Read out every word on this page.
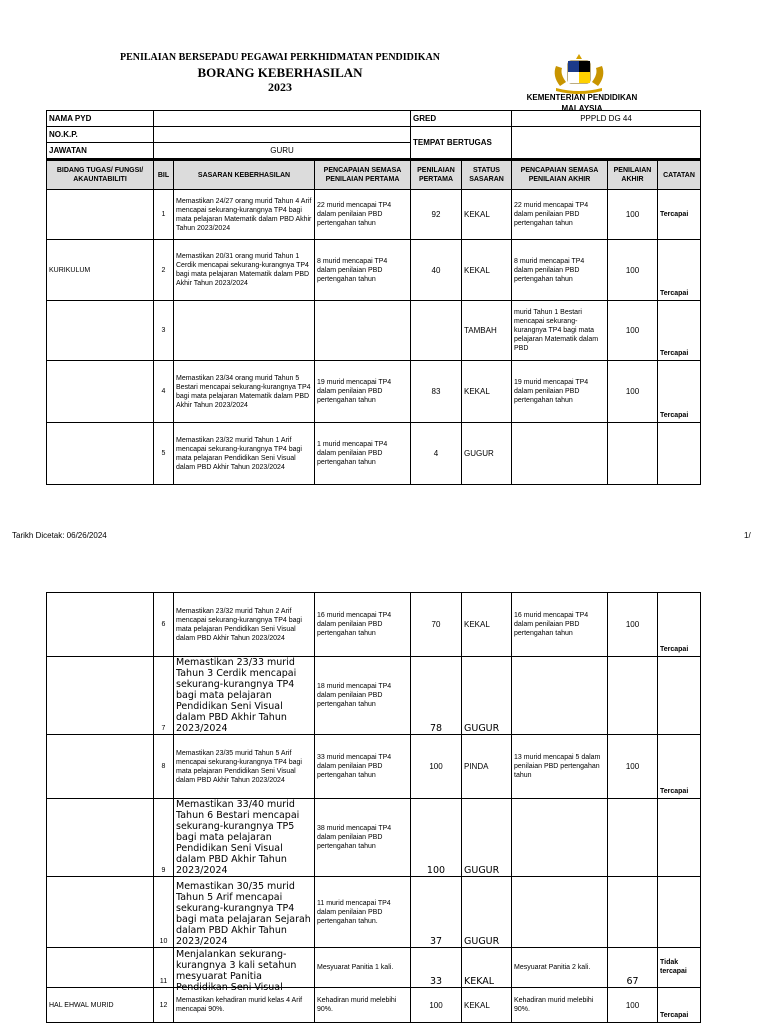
PENILAIAN BERSEPADU PEGAWAI PERKHIDMATAN PENDIDIKAN
BORANG KEBERHASILAN
2023
KEMENTERIAN PENDIDIKAN MALAYSIA
NAMA PYD		GRED	PPPLD DG 44
NO.K.P.		TEMPAT BERTUGAS	
JAWATAN	GURU		
BIDANG TUGAS/ FUNGSI/ AKAUNTABILITI	BIL	SASARAN KEBERHASILAN	PENCAPAIAN SEMASA PENILAIAN PERTAMA	PENILAIAN PERTAMA	STATUS SASARAN	PENCAPAIAN SEMASA PENILAIAN AKHIR	PENILAIAN AKHIR	CATATAN
	1	Memastikan 24/27 orang murid Tahun 4 Arif mencapai sekurang-kurangnya TP4 bagi mata pelajaran Matematik dalam PBD Akhir Tahun 2023/2024	22 murid mencapai TP4 dalam penilaian PBD pertengahan tahun	92	KEKAL	22 murid mencapai TP4 dalam penilaian PBD pertengahan tahun	100	Tercapai
KURIKULUM	2	Memastikan 20/31 orang murid Tahun 1 Cerdik mencapai sekurang-kurangnya TP4 bagi mata pelajaran Matematik dalam PBD Akhir Tahun 2023/2024	8 murid mencapai TP4 dalam penilaian PBD pertengahan tahun	40	KEKAL	8 murid mencapai TP4 dalam penilaian PBD pertengahan tahun	100	Tercapai
	3				TAMBAH	murid Tahun 1 Bestari mencapai sekurang-kurangnya TP4 bagi mata pelajaran Matematik dalam PBD	100	Tercapai
	4	Memastikan 23/34 orang murid Tahun 5 Bestari mencapai sekurang-kurangnya TP4 bagi mata pelajaran Matematik dalam PBD Akhir Tahun 2023/2024	19 murid mencapai TP4 dalam penilaian PBD pertengahan tahun	83	KEKAL	19 murid mencapai TP4 dalam penilaian PBD pertengahan tahun	100	Tercapai
	5	Memastikan 23/32 murid Tahun 1 Arif mencapai sekurang-kurangnya TP4 bagi mata pelajaran Pendidikan Seni Visual dalam PBD Akhir Tahun 2023/2024	1 murid mencapai TP4 dalam penilaian PBD pertengahan tahun	4	GUGUR			
Tarikh Dicetak: 06/26/2024	1/
	6	Memastikan 23/32 murid Tahun 2 Arif mencapai sekurang-kurangnya TP4 bagi mata pelajaran Pendidikan Seni Visual dalam PBD Akhir Tahun 2023/2024	16 murid mencapai TP4 dalam penilaian PBD pertengahan tahun	70	KEKAL	16 murid mencapai TP4 dalam penilaian PBD pertengahan tahun	100	Tercapai
	7	Memastikan 23/33 murid Tahun 3 Cerdik mencapai sekurang-kurangnya TP4 bagi mata pelajaran Pendidikan Seni Visual dalam PBD Akhir Tahun 2023/2024	18 murid mencapai TP4 dalam penilaian PBD pertengahan tahun	78	GUGUR			
	8	Memastikan 23/35 murid Tahun 5 Arif mencapai sekurang-kurangnya TP4 bagi mata pelajaran Pendidikan Seni Visual dalam PBD Akhir Tahun 2023/2024	33 murid mencapai TP4 dalam penilaian PBD pertengahan tahun	100	PINDA	13 murid mencapai 5 dalam penilaian PBD pertengahan tahun	100	Tercapai
	9	Memastikan 33/40 murid Tahun 6 Bestari mencapai sekurang-kurangnya TP5 bagi mata pelajaran Pendidikan Seni Visual dalam PBD Akhir Tahun 2023/2024	38 murid mencapai TP4 dalam penilaian PBD pertengahan tahun	100	GUGUR			
	10	Memastikan 30/35 murid Tahun 5 Arif mencapai sekurang-kurangnya TP4 bagi mata pelajaran Sejarah dalam PBD Akhir Tahun 2023/2024	11 murid mencapai TP4 dalam penilaian PBD pertengahan tahun.	37	GUGUR			
	11	Menjalankan sekurang-kurangnya 3 kali setahun mesyuarat Panitia Pendidikan Seni Visual	Mesyuarat Panitia 1 kali.	33	KEKAL	Mesyuarat Panitia 2 kali.	67	Tidak tercapai
HAL EHWAL MURID	12	Memastikan kehadiran murid kelas 4 Arif mencapai 90%.	Kehadiran murid melebihi 90%.	100	KEKAL	Kehadiran murid melebihi 90%.	100	Tercapai
